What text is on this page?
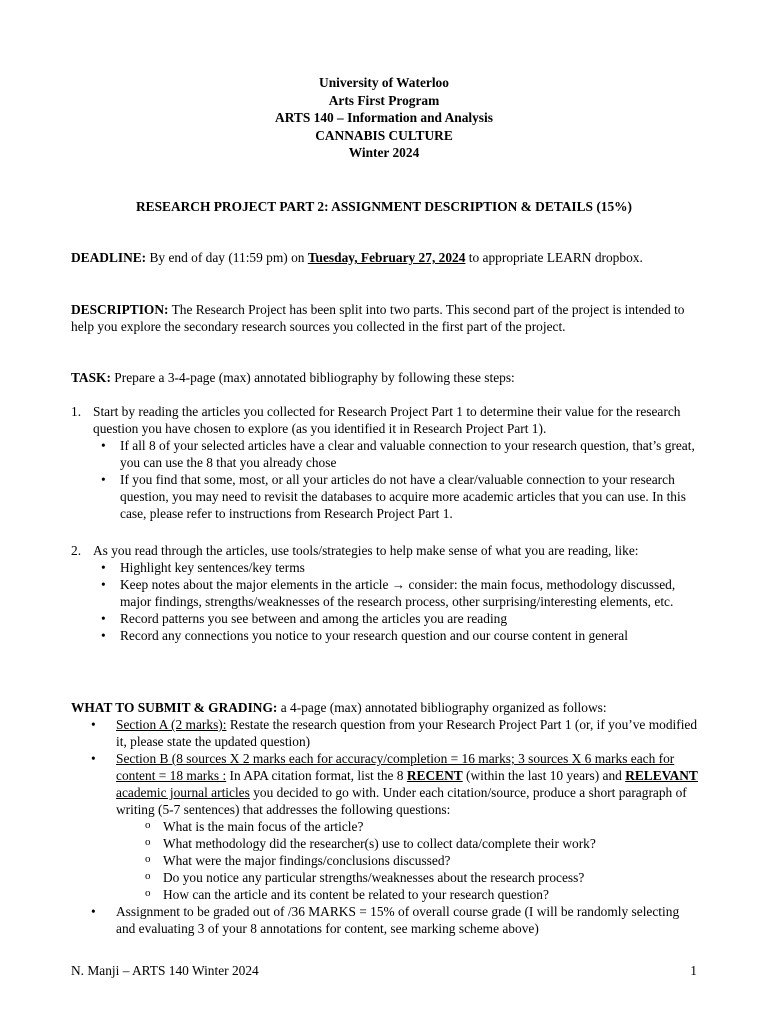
University of Waterloo
Arts First Program
ARTS 140 – Information and Analysis
CANNABIS CULTURE
Winter 2024
RESEARCH PROJECT PART 2: ASSIGNMENT DESCRIPTION & DETAILS (15%)
DEADLINE: By end of day (11:59 pm) on Tuesday, February 27, 2024 to appropriate LEARN dropbox.
DESCRIPTION: The Research Project has been split into two parts. This second part of the project is intended to help you explore the secondary research sources you collected in the first part of the project.
TASK: Prepare a 3-4-page (max) annotated bibliography by following these steps:
1. Start by reading the articles you collected for Research Project Part 1 to determine their value for the research question you have chosen to explore (as you identified it in Research Project Part 1).
• If all 8 of your selected articles have a clear and valuable connection to your research question, that’s great, you can use the 8 that you already chose
• If you find that some, most, or all your articles do not have a clear/valuable connection to your research question, you may need to revisit the databases to acquire more academic articles that you can use. In this case, please refer to instructions from Research Project Part 1.
2. As you read through the articles, use tools/strategies to help make sense of what you are reading, like:
• Highlight key sentences/key terms
• Keep notes about the major elements in the article → consider: the main focus, methodology discussed, major findings, strengths/weaknesses of the research process, other surprising/interesting elements, etc.
• Record patterns you see between and among the articles you are reading
• Record any connections you notice to your research question and our course content in general
WHAT TO SUBMIT & GRADING: a 4-page (max) annotated bibliography organized as follows:
• Section A (2 marks): Restate the research question from your Research Project Part 1 (or, if you’ve modified it, please state the updated question)
• Section B (8 sources X 2 marks each for accuracy/completion = 16 marks; 3 sources X 6 marks each for content = 18 marks : In APA citation format, list the 8 RECENT (within the last 10 years) and RELEVANT academic journal articles you decided to go with. Under each citation/source, produce a short paragraph of writing (5-7 sentences) that addresses the following questions:
o What is the main focus of the article?
o What methodology did the researcher(s) use to collect data/complete their work?
o What were the major findings/conclusions discussed?
o Do you notice any particular strengths/weaknesses about the research process?
o How can the article and its content be related to your research question?
• Assignment to be graded out of /36 MARKS = 15% of overall course grade (I will be randomly selecting and evaluating 3 of your 8 annotations for content, see marking scheme above)
N. Manji – ARTS 140 Winter 2024	1
